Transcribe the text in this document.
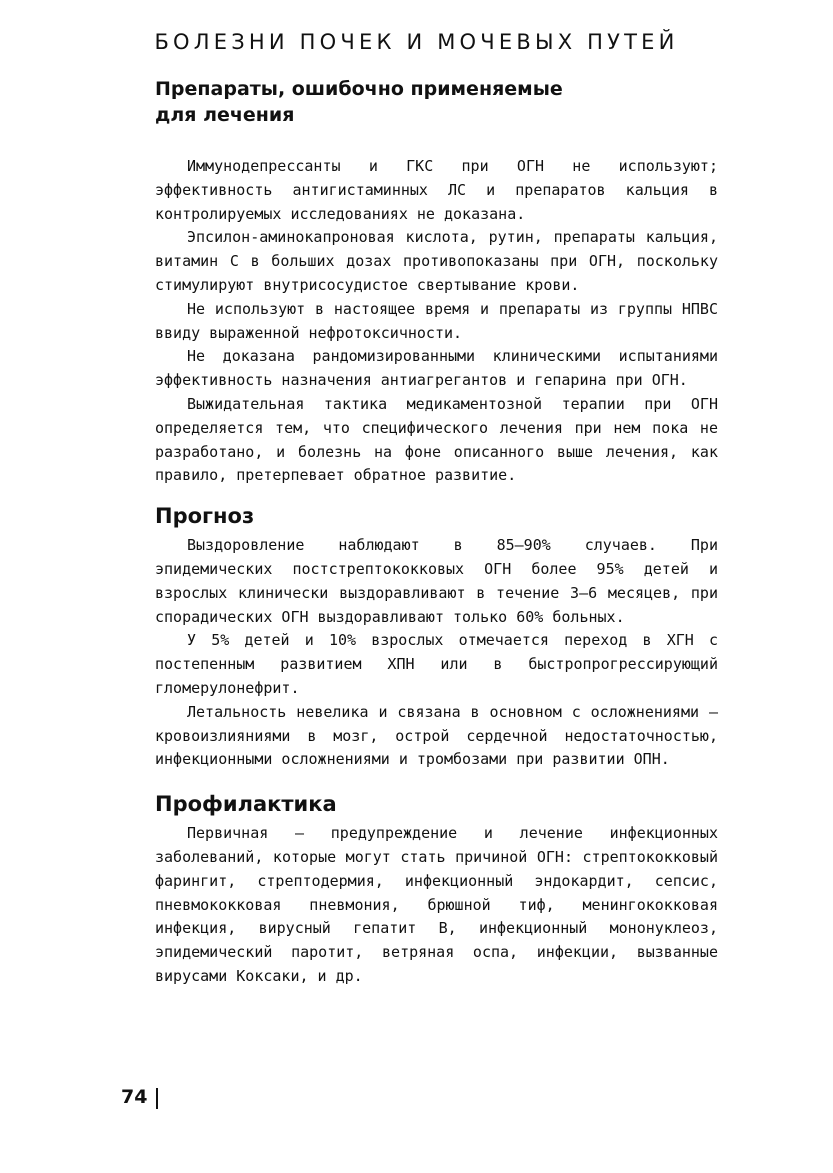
БОЛЕЗНИ ПОЧЕК И МОЧЕВЫХ ПУТЕЙ
Препараты, ошибочно применяемые для лечения

Иммунодепрессанты и ГКС при ОГН не используют; эффективность антигистаминных ЛС и препаратов кальция в контролируемых исследованиях не доказана.

Эпсилон-аминокапроновая кислота, рутин, препараты кальция, витамин С в больших дозах противопоказаны при ОГН, поскольку стимулируют внутрисосудистое свертывание крови.

Не используют в настоящее время и препараты из группы НПВС ввиду выраженной нефротоксичности.

Не доказана рандомизированными клиническими испытаниями эффективность назначения антиагрегантов и гепарина при ОГН.

Выжидательная тактика медикаментозной терапии при ОГН определяется тем, что специфического лечения при нем пока не разработано, и болезнь на фоне описанного выше лечения, как правило, претерпевает обратное развитие.

Прогноз

Выздоровление наблюдают в 85–90% случаев. При эпидемических постстрептококковых ОГН более 95% детей и взрослых клинически выздоравливают в течение 3–6 месяцев, при спорадических ОГН выздоравливают только 60% больных.

У 5% детей и 10% взрослых отмечается переход в ХГН с постепенным развитием ХПН или в быстропрогрессирующий гломерулонефрит.

Летальность невелика и связана в основном с осложнениями — кровоизлияниями в мозг, острой сердечной недостаточностью, инфекционными осложнениями и тромбозами при развитии ОПН.

Профилактика

Первичная — предупреждение и лечение инфекционных заболеваний, которые могут стать причиной ОГН: стрептококковый фарингит, стрептодермия, инфекционный эндокардит, сепсис, пневмококковая пневмония, брюшной тиф, менингококковая инфекция, вирусный гепатит В, инфекционный мононуклеоз, эпидемический паротит, ветряная оспа, инфекции, вызванные вирусами Коксаки, и др.

74
